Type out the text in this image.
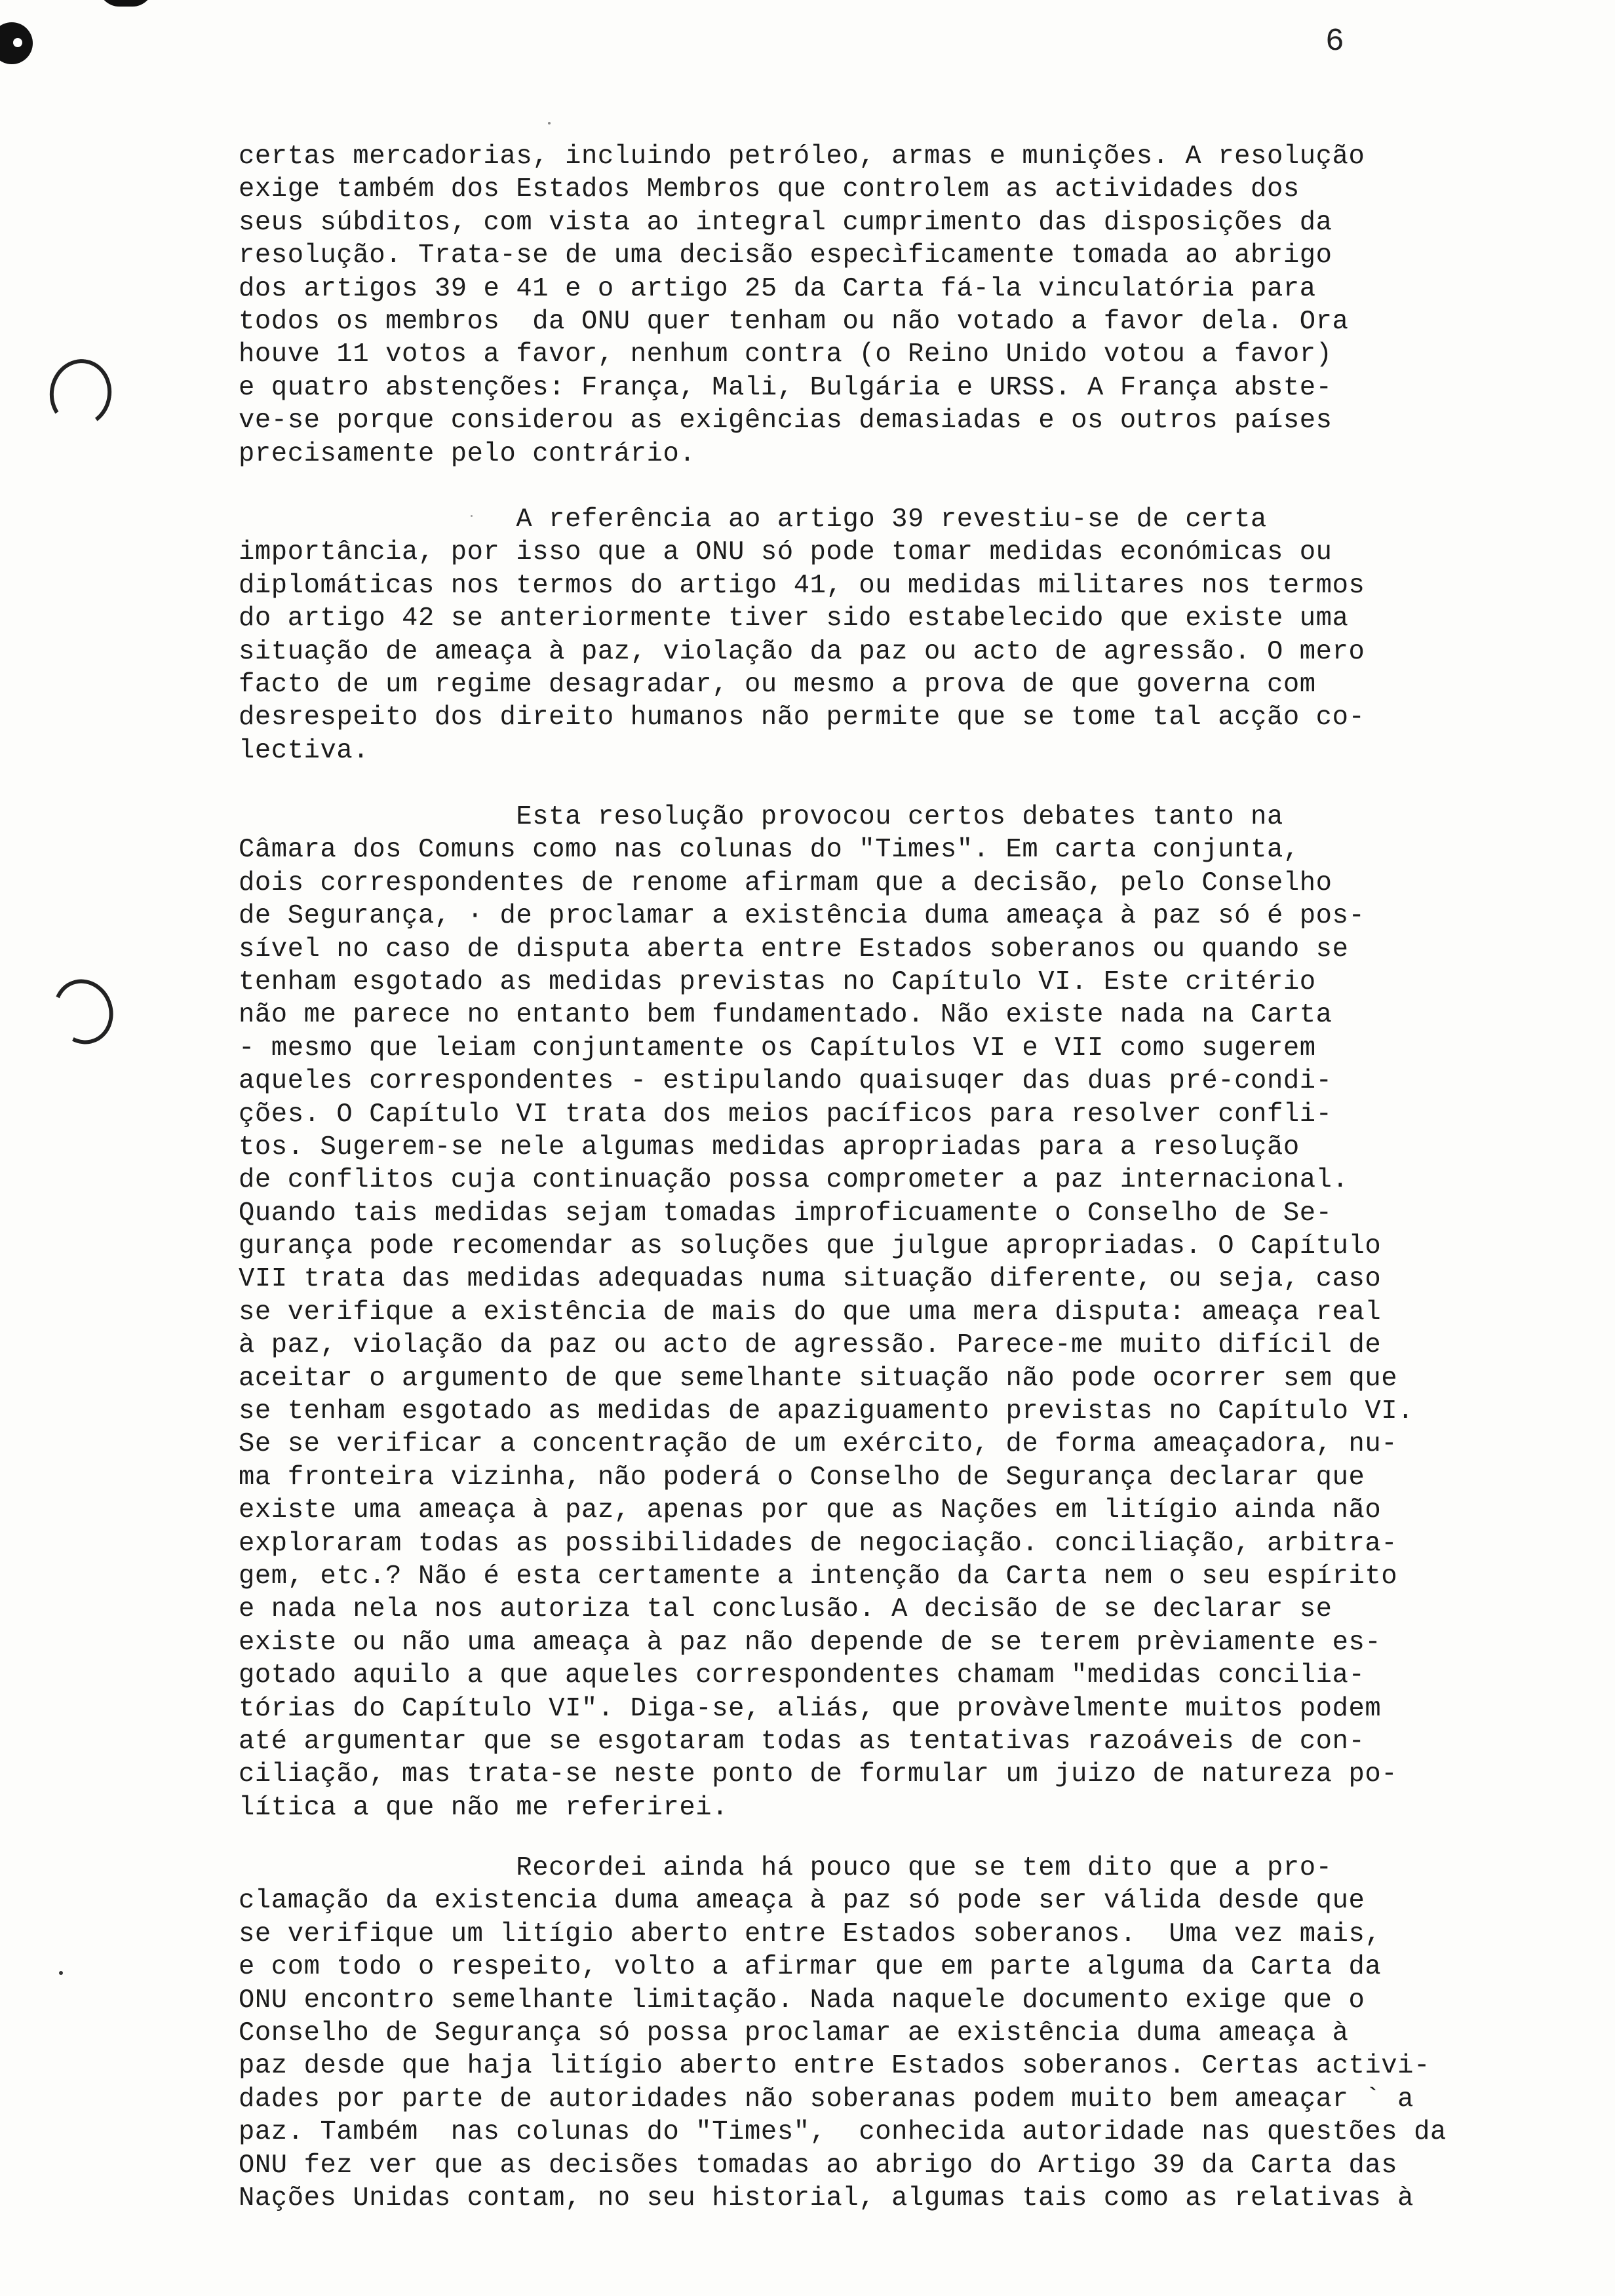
6
certas mercadorias, incluindo petróleo, armas e munições. A resolução
exige também dos Estados Membros que controlem as actividades dos
seus súbditos, com vista ao integral cumprimento das disposições da
resolução. Trata-se de uma decisão especìficamente tomada ao abrigo
dos artigos 39 e 41 e o artigo 25 da Carta fá-la vinculatória para
todos os membros  da ONU quer tenham ou não votado a favor dela. Ora
houve 11 votos a favor, nenhum contra (o Reino Unido votou a favor)
e quatro abstenções: França, Mali, Bulgária e URSS. A França abste-
ve-se porque considerou as exigências demasiadas e os outros países
precisamente pelo contrário.
A referência ao artigo 39 revestiu-se de certa
importância, por isso que a ONU só pode tomar medidas económicas ou
diplomáticas nos termos do artigo 41, ou medidas militares nos termos
do artigo 42 se anteriormente tiver sido estabelecido que existe uma
situação de ameaça à paz, violação da paz ou acto de agressão. O mero
facto de um regime desagradar, ou mesmo a prova de que governa com
desrespeito dos direito humanos não permite que se tome tal acção co-
lectiva.
Esta resolução provocou certos debates tanto na
Câmara dos Comuns como nas colunas do "Times". Em carta conjunta,
dois correspondentes de renome afirmam que a decisão, pelo Conselho
de Segurança, · de proclamar a existência duma ameaça à paz só é pos-
sível no caso de disputa aberta entre Estados soberanos ou quando se
tenham esgotado as medidas previstas no Capítulo VI. Este critério
não me parece no entanto bem fundamentado. Não existe nada na Carta
- mesmo que leiam conjuntamente os Capítulos VI e VII como sugerem
aqueles correspondentes - estipulando quaisuqer das duas pré-condi-
ções. O Capítulo VI trata dos meios pacíficos para resolver confli-
tos. Sugerem-se nele algumas medidas apropriadas para a resolução
de conflitos cuja continuação possa comprometer a paz internacional.
Quando tais medidas sejam tomadas improficuamente o Conselho de Se-
gurança pode recomendar as soluções que julgue apropriadas. O Capítulo
VII trata das medidas adequadas numa situação diferente, ou seja, caso
se verifique a existência de mais do que uma mera disputa: ameaça real
à paz, violação da paz ou acto de agressão. Parece-me muito difícil de
aceitar o argumento de que semelhante situação não pode ocorrer sem que
se tenham esgotado as medidas de apaziguamento previstas no Capítulo VI.
Se se verificar a concentração de um exército, de forma ameaçadora, nu-
ma fronteira vizinha, não poderá o Conselho de Segurança declarar que
existe uma ameaça à paz, apenas por que as Nações em litígio ainda não
exploraram todas as possibilidades de negociação. conciliação, arbitra-
gem, etc.? Não é esta certamente a intenção da Carta nem o seu espírito
e nada nela nos autoriza tal conclusão. A decisão de se declarar se
existe ou não uma ameaça à paz não depende de se terem prèviamente es-
gotado aquilo a que aqueles correspondentes chamam "medidas concilia-
tórias do Capítulo VI". Diga-se, aliás, que provàvelmente muitos podem
até argumentar que se esgotaram todas as tentativas razoáveis de con-
ciliação, mas trata-se neste ponto de formular um juizo de natureza po-
lítica a que não me referirei.
Recordei ainda há pouco que se tem dito que a pro-
clamação da existencia duma ameaça à paz só pode ser válida desde que
se verifique um litígio aberto entre Estados soberanos.  Uma vez mais,
e com todo o respeito, volto a afirmar que em parte alguma da Carta da
ONU encontro semelhante limitação. Nada naquele documento exige que o
Conselho de Segurança só possa proclamar ae existência duma ameaça à
paz desde que haja litígio aberto entre Estados soberanos. Certas activi-
dades por parte de autoridades não soberanas podem muito bem ameaçar ` a
paz. Também  nas colunas do "Times",  conhecida autoridade nas questões da
ONU fez ver que as decisões tomadas ao abrigo do Artigo 39 da Carta das
Nações Unidas contam, no seu historial, algumas tais como as relativas à
